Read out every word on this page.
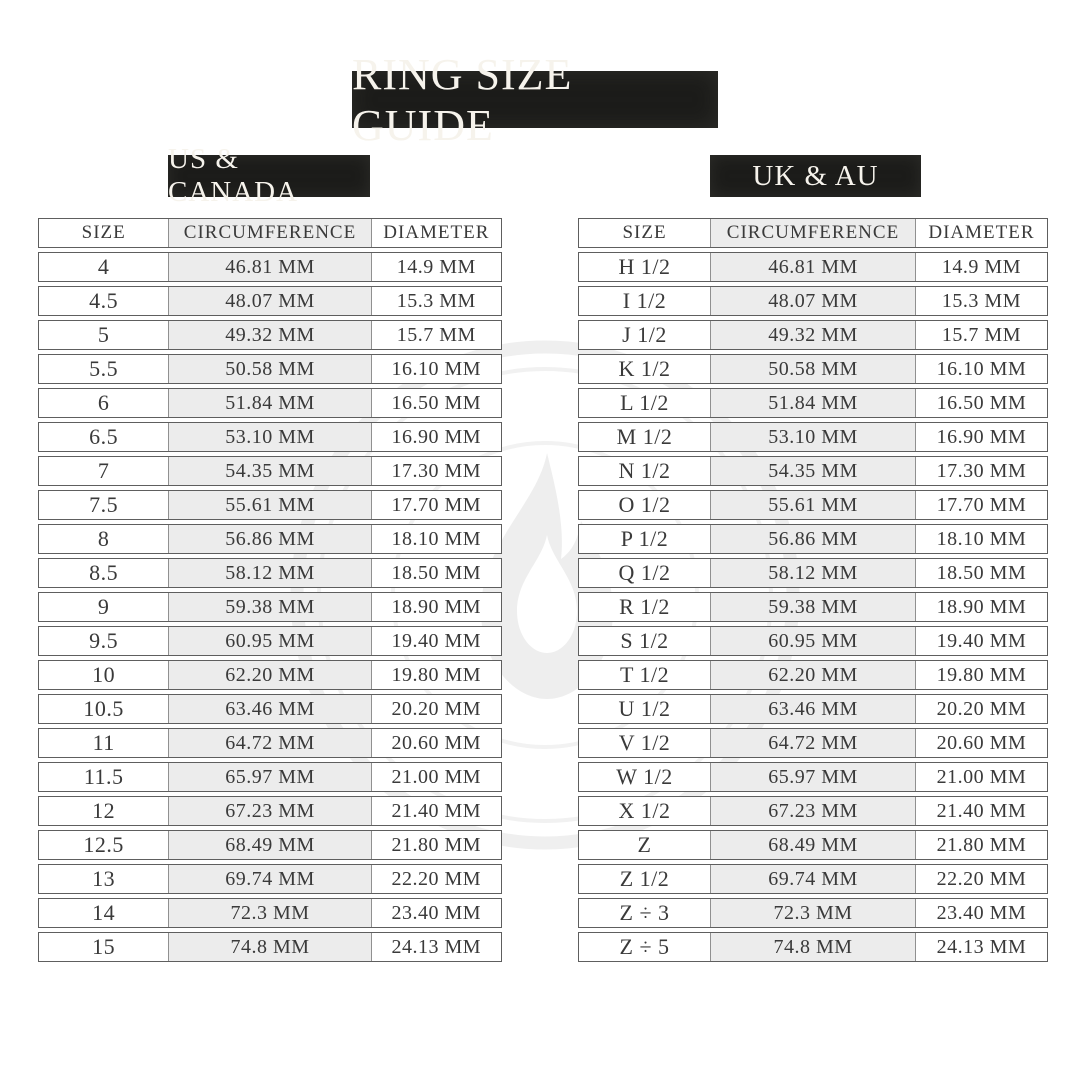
RING SIZE GUIDE
US & CANADA
SIZE	CIRCUMFERENCE	DIAMETER
4	46.81 MM	14.9 MM
4.5	48.07 MM	15.3 MM
5	49.32 MM	15.7 MM
5.5	50.58 MM	16.10 MM
6	51.84 MM	16.50 MM
6.5	53.10 MM	16.90 MM
7	54.35 MM	17.30 MM
7.5	55.61 MM	17.70 MM
8	56.86 MM	18.10 MM
8.5	58.12 MM	18.50 MM
9	59.38 MM	18.90 MM
9.5	60.95 MM	19.40 MM
10	62.20 MM	19.80 MM
10.5	63.46 MM	20.20 MM
11	64.72 MM	20.60 MM
11.5	65.97 MM	21.00 MM
12	67.23 MM	21.40 MM
12.5	68.49 MM	21.80 MM
13	69.74 MM	22.20 MM
14	72.3 MM	23.40 MM
15	74.8 MM	24.13 MM
UK & AU
SIZE	CIRCUMFERENCE	DIAMETER
H 1/2	46.81 MM	14.9 MM
I 1/2	48.07 MM	15.3 MM
J 1/2	49.32 MM	15.7 MM
K 1/2	50.58 MM	16.10 MM
L 1/2	51.84 MM	16.50 MM
M 1/2	53.10 MM	16.90 MM
N 1/2	54.35 MM	17.30 MM
O 1/2	55.61 MM	17.70 MM
P 1/2	56.86 MM	18.10 MM
Q 1/2	58.12 MM	18.50 MM
R 1/2	59.38 MM	18.90 MM
S 1/2	60.95 MM	19.40 MM
T 1/2	62.20 MM	19.80 MM
U 1/2	63.46 MM	20.20 MM
V 1/2	64.72 MM	20.60 MM
W 1/2	65.97 MM	21.00 MM
X 1/2	67.23 MM	21.40 MM
Z	68.49 MM	21.80 MM
Z 1/2	69.74 MM	22.20 MM
Z ÷ 3	72.3 MM	23.40 MM
Z ÷ 5	74.8 MM	24.13 MM
